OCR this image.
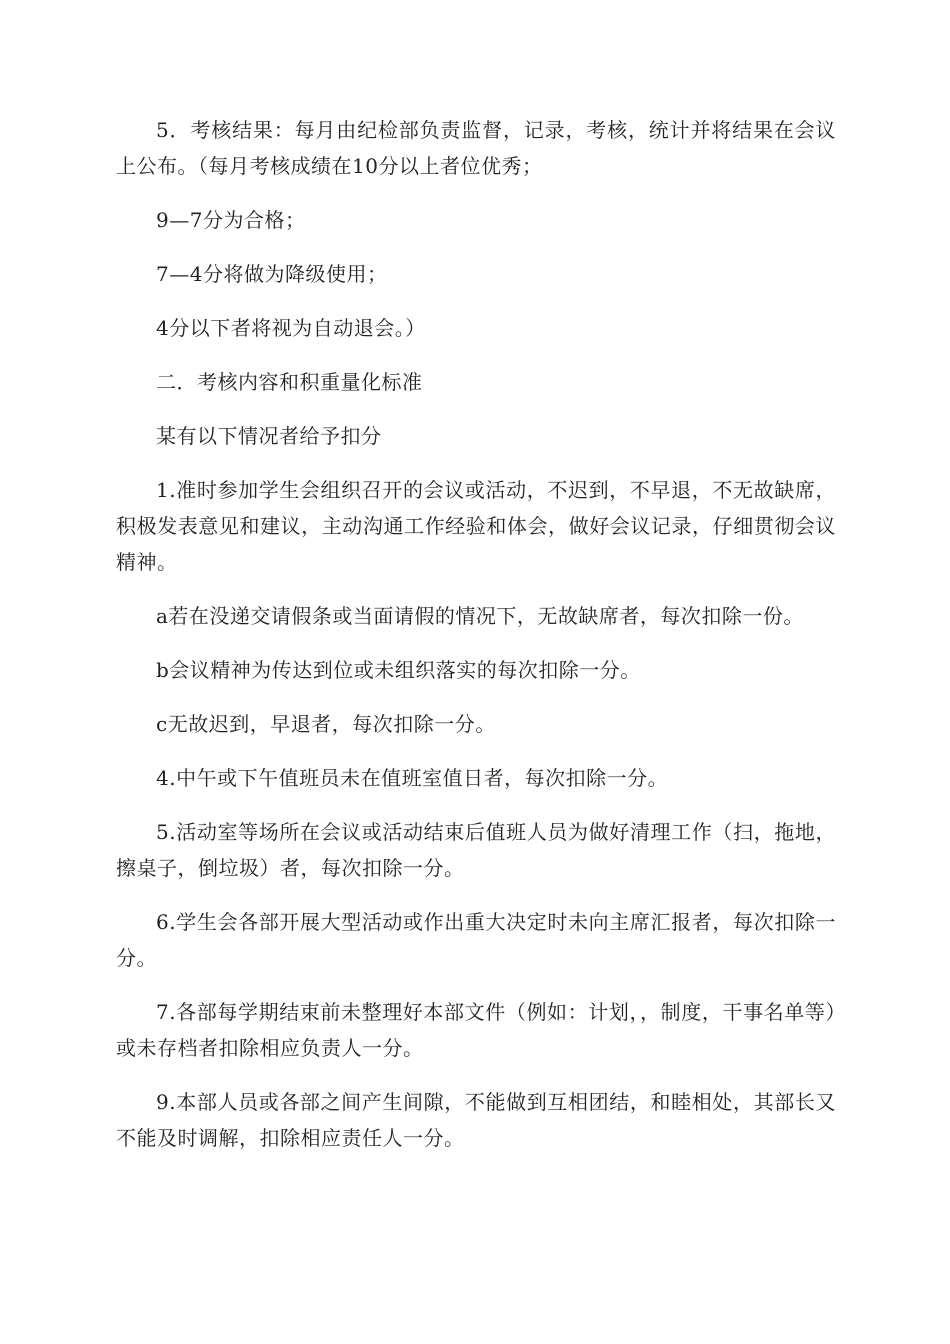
5．考核结果：每月由纪检部负责监督，记录，考核，统计并将结果在会议上公布。（每月考核成绩在10分以上者位优秀；

9—7分为合格；

7—4分将做为降级使用；

4分以下者将视为自动退会。）

二．考核内容和积重量化标准

某有以下情况者给予扣分

1.准时参加学生会组织召开的会议或活动，不迟到，不早退，不无故缺席，积极发表意见和建议，主动沟通工作经验和体会，做好会议记录，仔细贯彻会议精神。

a若在没递交请假条或当面请假的情况下，无故缺席者，每次扣除一份。

b会议精神为传达到位或未组织落实的每次扣除一分。

c无故迟到，早退者，每次扣除一分。

4.中午或下午值班员未在值班室值日者，每次扣除一分。

5.活动室等场所在会议或活动结束后值班人员为做好清理工作（扫，拖地，擦桌子，倒垃圾）者，每次扣除一分。

6.学生会各部开展大型活动或作出重大决定时未向主席汇报者，每次扣除一分。

7.各部每学期结束前未整理好本部文件（例如：计划，，制度，干事名单等）或未存档者扣除相应负责人一分。

9.本部人员或各部之间产生间隙，不能做到互相团结，和睦相处，其部长又不能及时调解，扣除相应责任人一分。
